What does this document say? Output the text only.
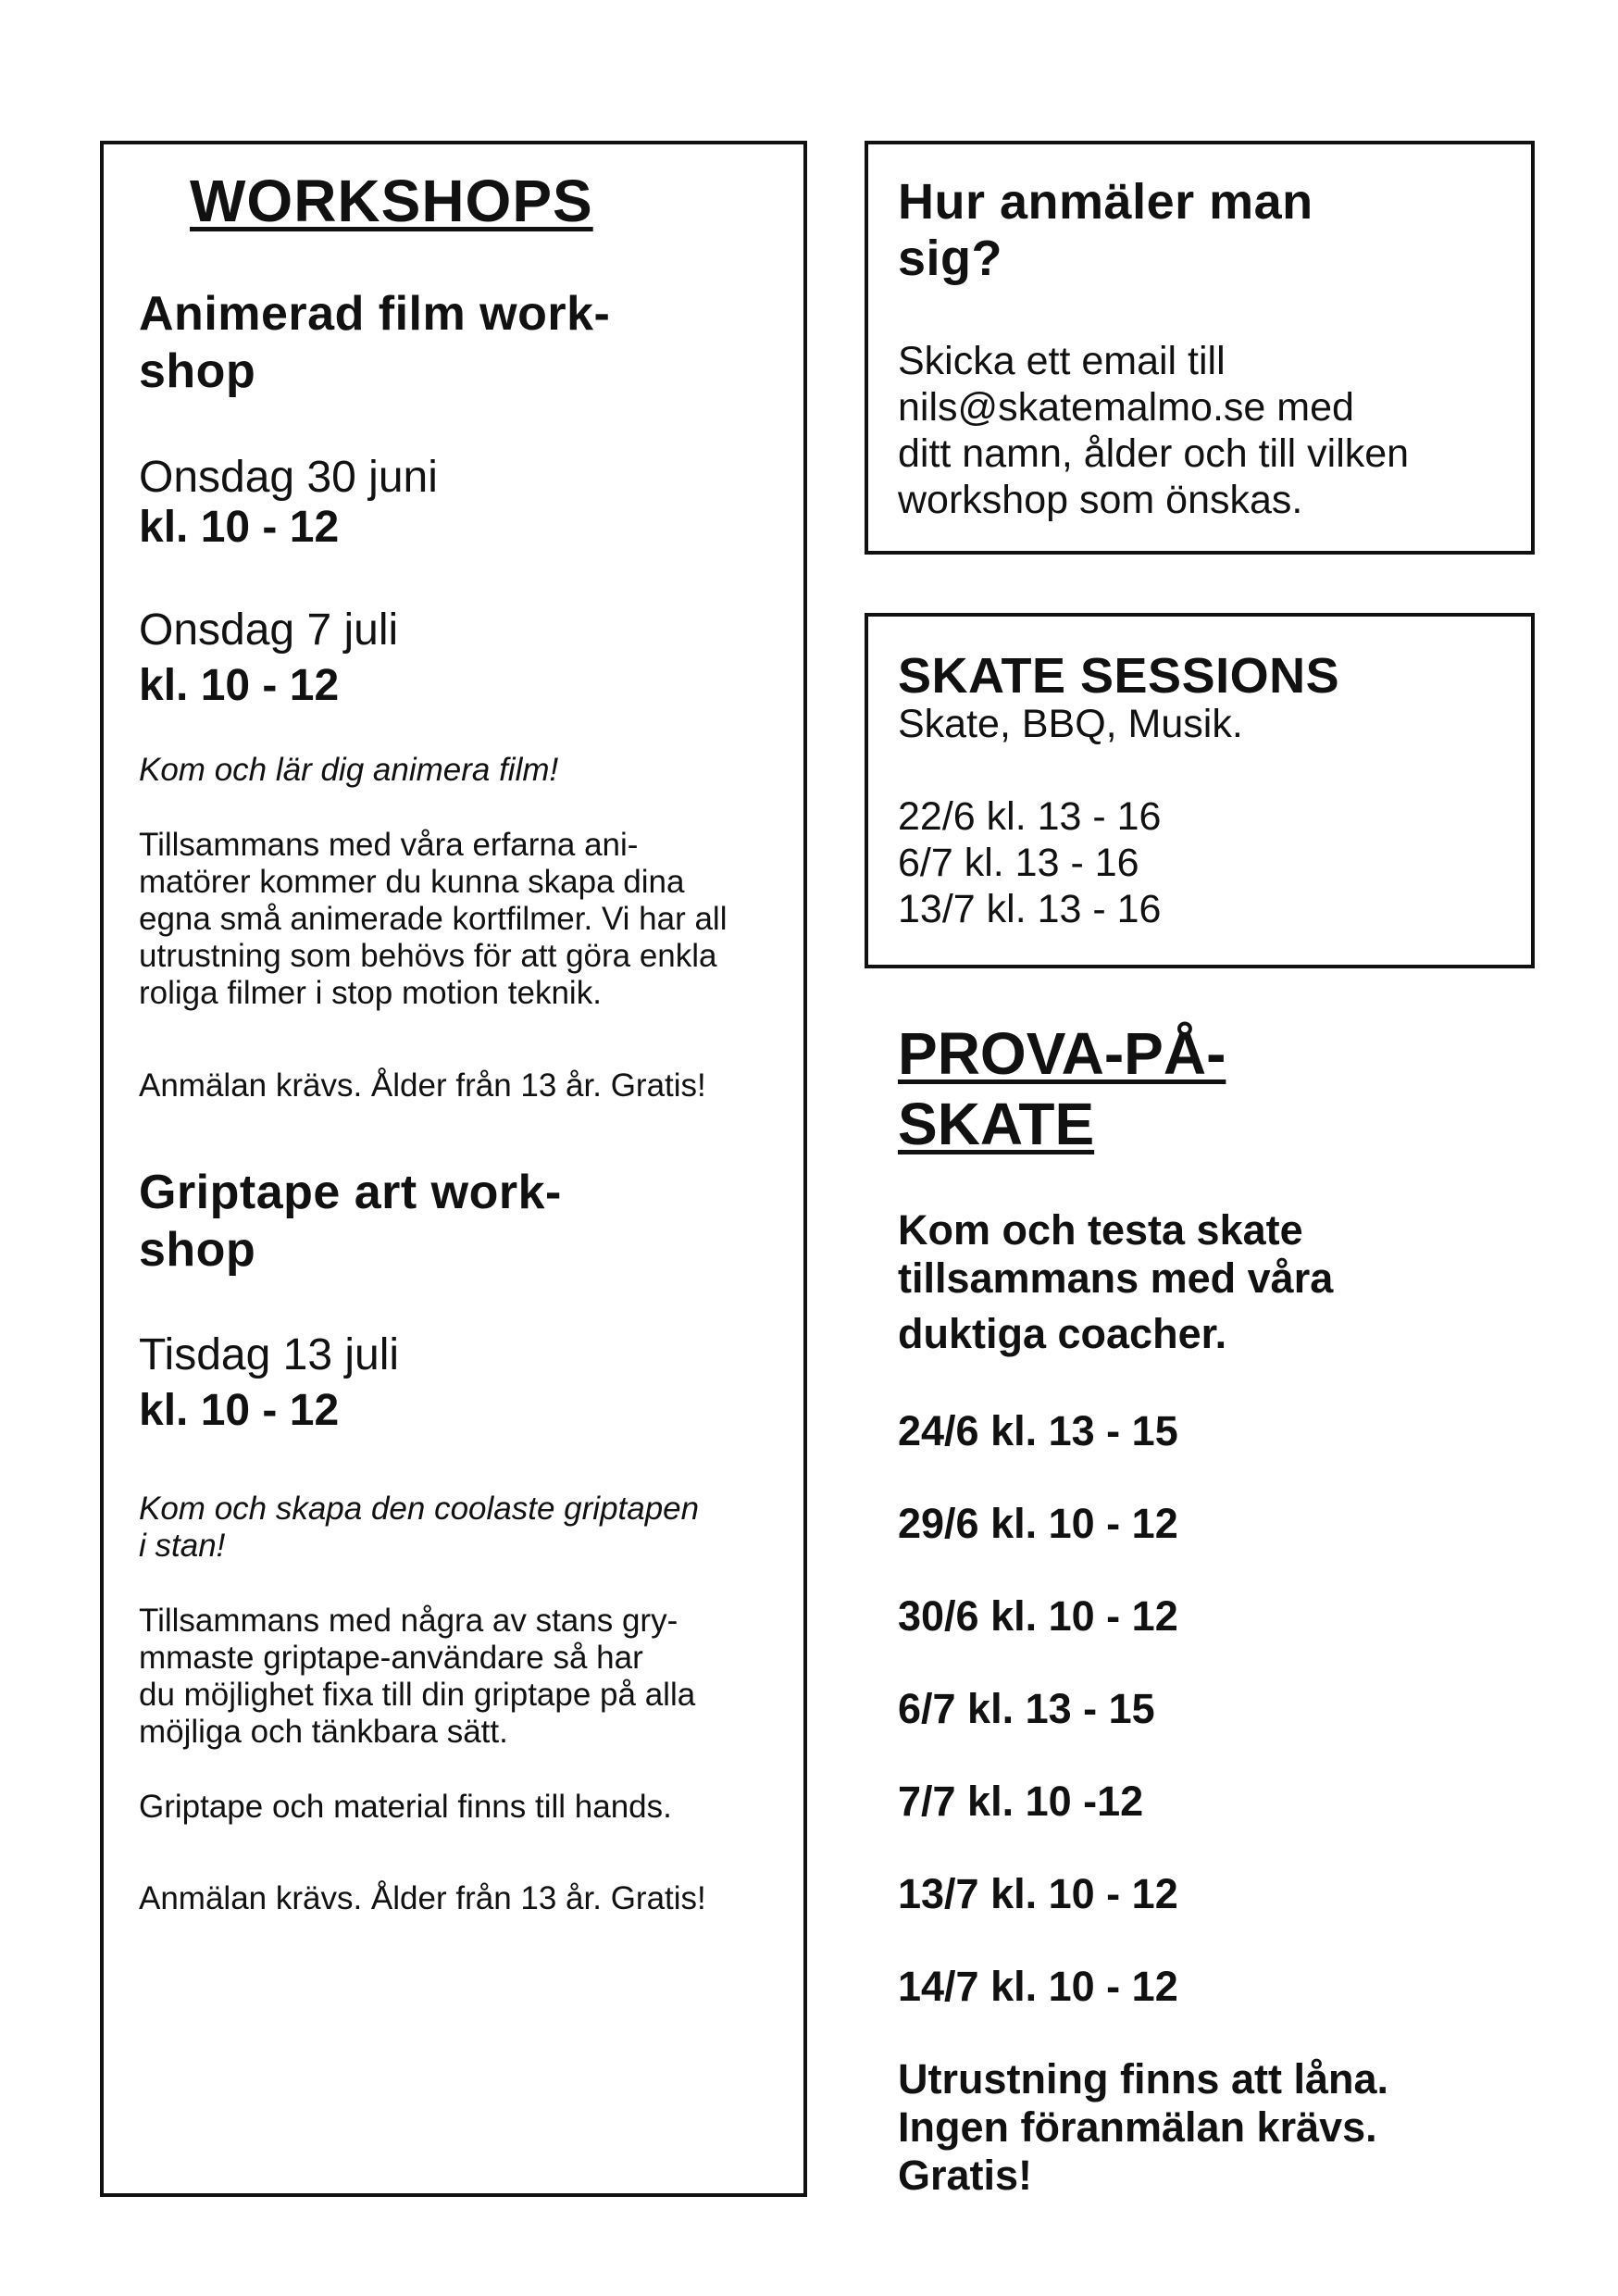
WORKSHOPS
Animerad film work-
shop
Onsdag 30 juni
kl. 10 - 12
Onsdag 7 juli
kl. 10 - 12
Kom och lär dig animera film!
Tillsammans med våra erfarna ani-
matörer kommer du kunna skapa dina
egna små animerade kortfilmer. Vi har all
utrustning som behövs för att göra enkla
roliga filmer i stop motion teknik.
Anmälan krävs. Ålder från 13 år. Gratis!
Griptape art work-
shop
Tisdag 13 juli
kl. 10 - 12
Kom och skapa den coolaste griptapen
i stan!
Tillsammans med några av stans gry-
mmaste griptape-användare så har
du möjlighet fixa till din griptape på alla
möjliga och tänkbara sätt.
Griptape och material finns till hands.
Anmälan krävs. Ålder från 13 år. Gratis!
Hur anmäler man
sig?
Skicka ett email till
nils@skatemalmo.se med
ditt namn, ålder och till vilken
workshop som önskas.
SKATE SESSIONS
Skate, BBQ, Musik.
22/6 kl. 13 - 16
6/7 kl. 13 - 16
13/7 kl. 13 - 16
PROVA-PÅ-
SKATE
Kom och testa skate
tillsammans med våra
duktiga coacher.
24/6 kl. 13 - 15
29/6 kl. 10 - 12
30/6 kl. 10 - 12
6/7 kl. 13 - 15
7/7 kl. 10 -12
13/7 kl. 10 - 12
14/7 kl. 10 - 12
Utrustning finns att låna.
Ingen föranmälan krävs.
Gratis!
